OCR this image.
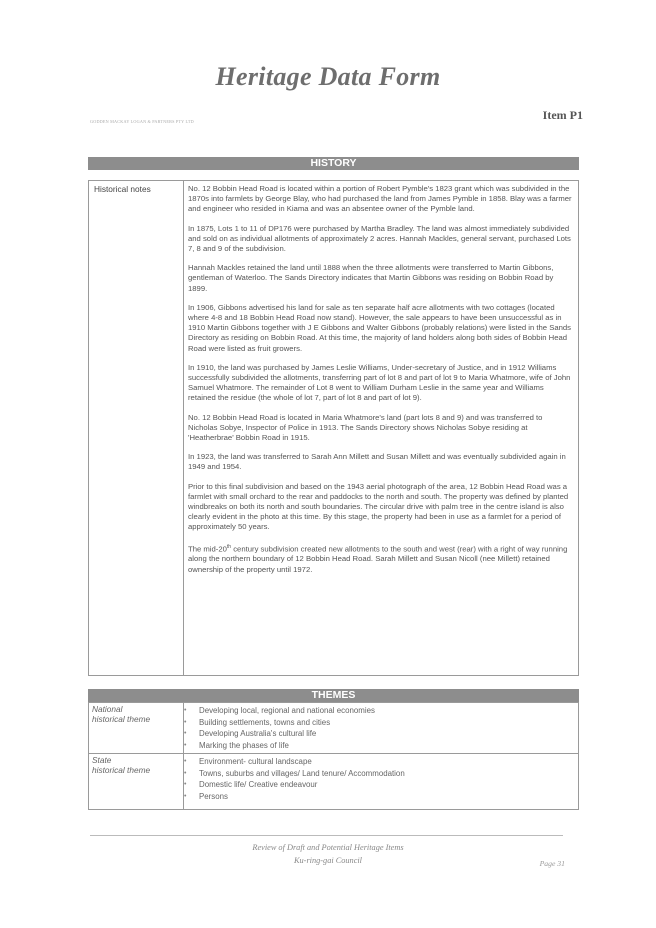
Heritage Data Form
GODDEN MACKAY LOGAN & PARTNERS PTY LTD	Item P1
HISTORY
Historical notes	No. 12 Bobbin Head Road is located within a portion of Robert Pymble's 1823 grant which was subdivided in the 1870s into farmlets by George Blay, who had purchased the land from James Pymble in 1858. Blay was a farmer and engineer who resided in Kiama and was an absentee owner of the Pymble land.

In 1875, Lots 1 to 11 of DP176 were purchased by Martha Bradley. The land was almost immediately subdivided and sold on as individual allotments of approximately 2 acres. Hannah Mackles, general servant, purchased Lots 7, 8 and 9 of the subdivision.

Hannah Mackles retained the land until 1888 when the three allotments were transferred to Martin Gibbons, gentleman of Waterloo. The Sands Directory indicates that Martin Gibbons was residing on Bobbin Road by 1899.

In 1906, Gibbons advertised his land for sale as ten separate half acre allotments with two cottages (located where 4-8 and 18 Bobbin Head Road now stand). However, the sale appears to have been unsuccessful as in 1910 Martin Gibbons together with J E Gibbons and Walter Gibbons (probably relations) were listed in the Sands Directory as residing on Bobbin Road. At this time, the majority of land holders along both sides of Bobbin Head Road were listed as fruit growers.

In 1910, the land was purchased by James Leslie Williams, Under-secretary of Justice, and in 1912 Williams successfully subdivided the allotments, transferring part of lot 8 and part of lot 9 to Maria Whatmore, wife of John Samuel Whatmore. The remainder of Lot 8 went to William Durham Leslie in the same year and Williams retained the residue (the whole of lot 7, part of lot 8 and part of lot 9).

No. 12 Bobbin Head Road is located in Maria Whatmore's land (part lots 8 and 9) and was transferred to Nicholas Sobye, Inspector of Police in 1913. The Sands Directory shows Nicholas Sobye residing at 'Heatherbrae' Bobbin Road in 1915.

In 1923, the land was transferred to Sarah Ann Millett and Susan Millett and was eventually subdivided again in 1949 and 1954.

Prior to this final subdivision and based on the 1943 aerial photograph of the area, 12 Bobbin Head Road was a farmlet with small orchard to the rear and paddocks to the north and south. The property was defined by planted windbreaks on both its north and south boundaries. The circular drive with palm tree in the centre island is also clearly evident in the photo at this time. By this stage, the property had been in use as a farmlet for a period of approximately 50 years.

The mid-20th century subdivision created new allotments to the south and west (rear) with a right of way running along the northern boundary of 12 Bobbin Head Road. Sarah Millett and Susan Nicoll (nee Millett) retained ownership of the property until 1972.

THEMES
National
historical theme
• Developing local, regional and national economies
• Building settlements, towns and cities
• Developing Australia's cultural life
• Marking the phases of life
State
historical theme
• Environment- cultural landscape
• Towns, suburbs and villages/ Land tenure/ Accommodation
• Domestic life/ Creative endeavour
• Persons
Review of Draft and Potential Heritage Items
Ku-ring-gai Council	Page 31
